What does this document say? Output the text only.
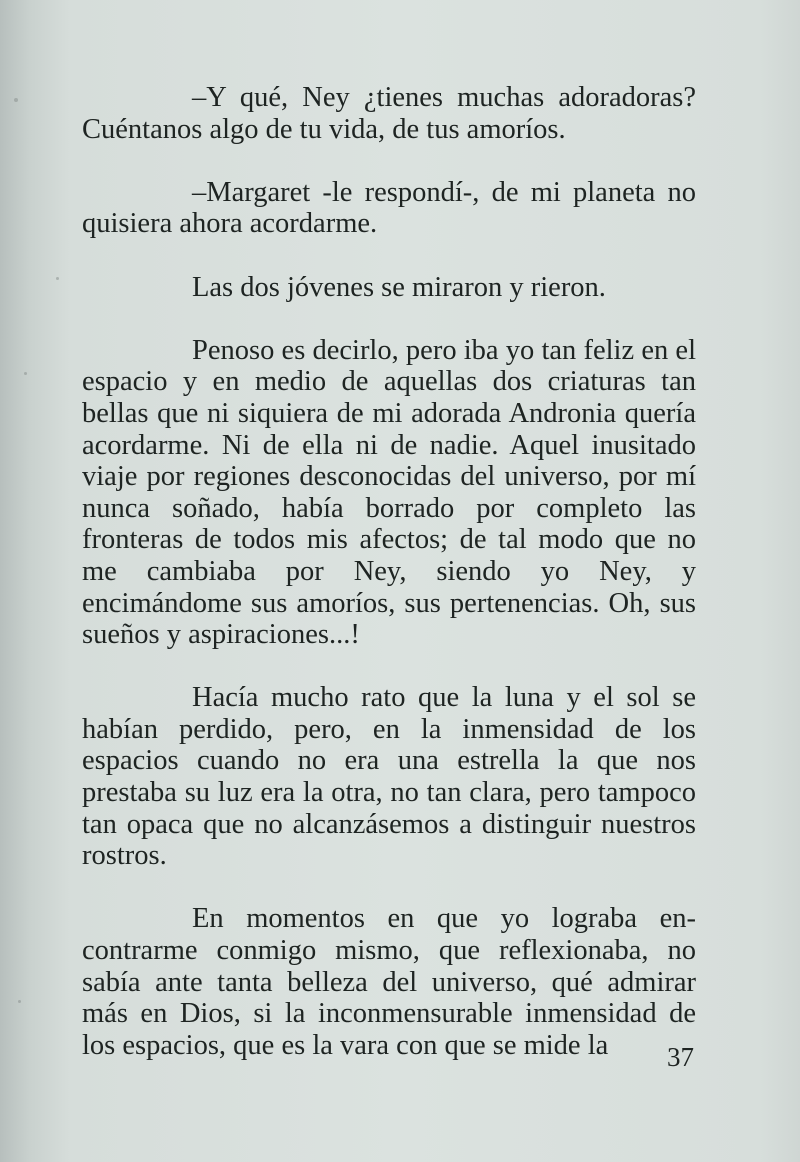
–Y qué, Ney ¿tienes muchas adoradoras? Cuéntanos algo de tu vida, de tus amoríos.

–Margaret -le respondí-, de mi planeta no quisiera ahora acordarme.

Las dos jóvenes se miraron y rieron.

Penoso es decirlo, pero iba yo tan feliz en el espacio y en medio de aquellas dos criaturas tan bellas que ni siquiera de mi adorada Andronia quería acordarme. Ni de ella ni de nadie. Aquel inusitado viaje por regiones desconocidas del universo, por mí nunca soñado, había borrado por completo las fronteras de todos mis afectos; de tal modo que no me cambiaba por Ney, siendo yo Ney, y encimándome sus amoríos, sus pertenencias. Oh, sus sueños y aspiraciones...!

Hacía mucho rato que la luna y el sol se habían perdido, pero, en la inmensidad de los espacios cuando no era una estrella la que nos prestaba su luz era la otra, no tan clara, pero tampoco tan opaca que no alcanzásemos a distinguir nuestros rostros.

En momentos en que yo lograba encontrarme conmigo mismo, que reflexionaba, no sabía ante tanta belleza del universo, qué admirar más en Dios, si la inconmensurable inmensidad de los espacios, que es la vara con que se mide la	37
